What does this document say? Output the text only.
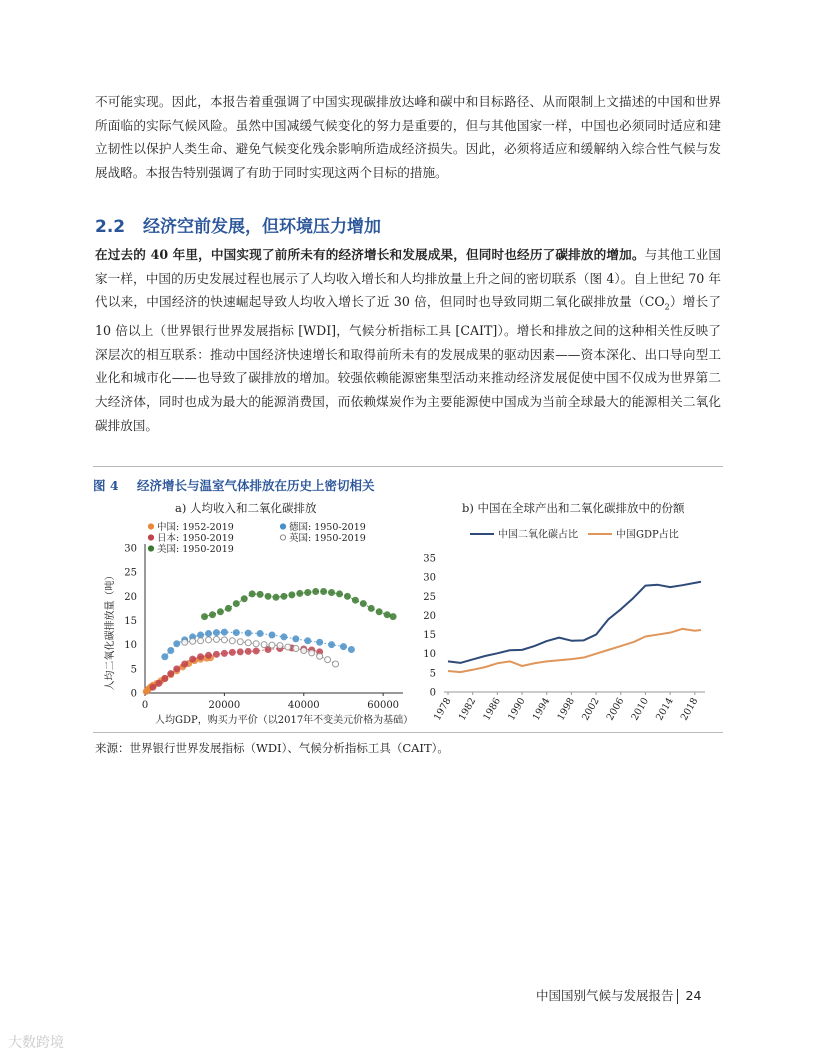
不可能实现。因此，本报告着重强调了中国实现碳排放达峰和碳中和目标路径、从而限制上文描述的中国和世界所面临的实际气候风险。虽然中国减缓气候变化的努力是重要的，但与其他国家一样，中国也必须同时适应和建立韧性以保护人类生命、避免气候变化残余影响所造成经济损失。因此，必须将适应和缓解纳入综合性气候与发展战略。本报告特别强调了有助于同时实现这两个目标的措施。

2.2 经济空前发展，但环境压力增加

在过去的 40 年里，中国实现了前所未有的经济增长和发展成果，但同时也经历了碳排放的增加。与其他工业国家一样，中国的历史发展过程也展示了人均收入增长和人均排放量上升之间的密切联系（图 4）。自上世纪 70 年代以来，中国经济的快速崛起导致人均收入增长了近 30 倍，但同时也导致同期二氧化碳排放量$(CO_2)$增长了 10 倍以上（世界银行世界发展指标 [WDI]，气候分析指标工具 [CAIT]）。增长和排放之间的这种相关性反映了深层次的相互联系：推动中国经济快速增长和取得前所未有的发展成果的驱动因素——资本深化、出口导向型工业化和城市化——也导致了碳排放的增加。较强依赖能源密集型活动来推动经济发展促使中国不仅成为世界第二大经济体，同时也成为最大的能源消费国，而依赖煤炭作为主要能源使中国成为当前全球最大的能源相关二氧化碳排放国。

图 4 经济增长与温室气体排放在历史上密切相关
a) 人均收入和二氧化碳排放	b) 中国在全球产出和二氧化碳排放中的份额
0
5
10
15
20
25
30
0	20000	40000	60000
人均GDP，购买力平价（以2017年不变美元价格为基础）
人均二氧化碳排放量（吨）
中国: 1952-2019
日本: 1950-2019
美国: 1950-2019
德国: 1950-2019
英国: 1950-2019
0
5
10
15
20
25
30
35
1978 1982 1986 1990 1994 1998 2002 2006 2010 2014 2018
中国二氧化碳占比	中国GDP占比
来源：世界银行世界发展指标（WDI）、气候分析指标工具（CAIT）。
中国国别气候与发展报告 24
大数跨境
